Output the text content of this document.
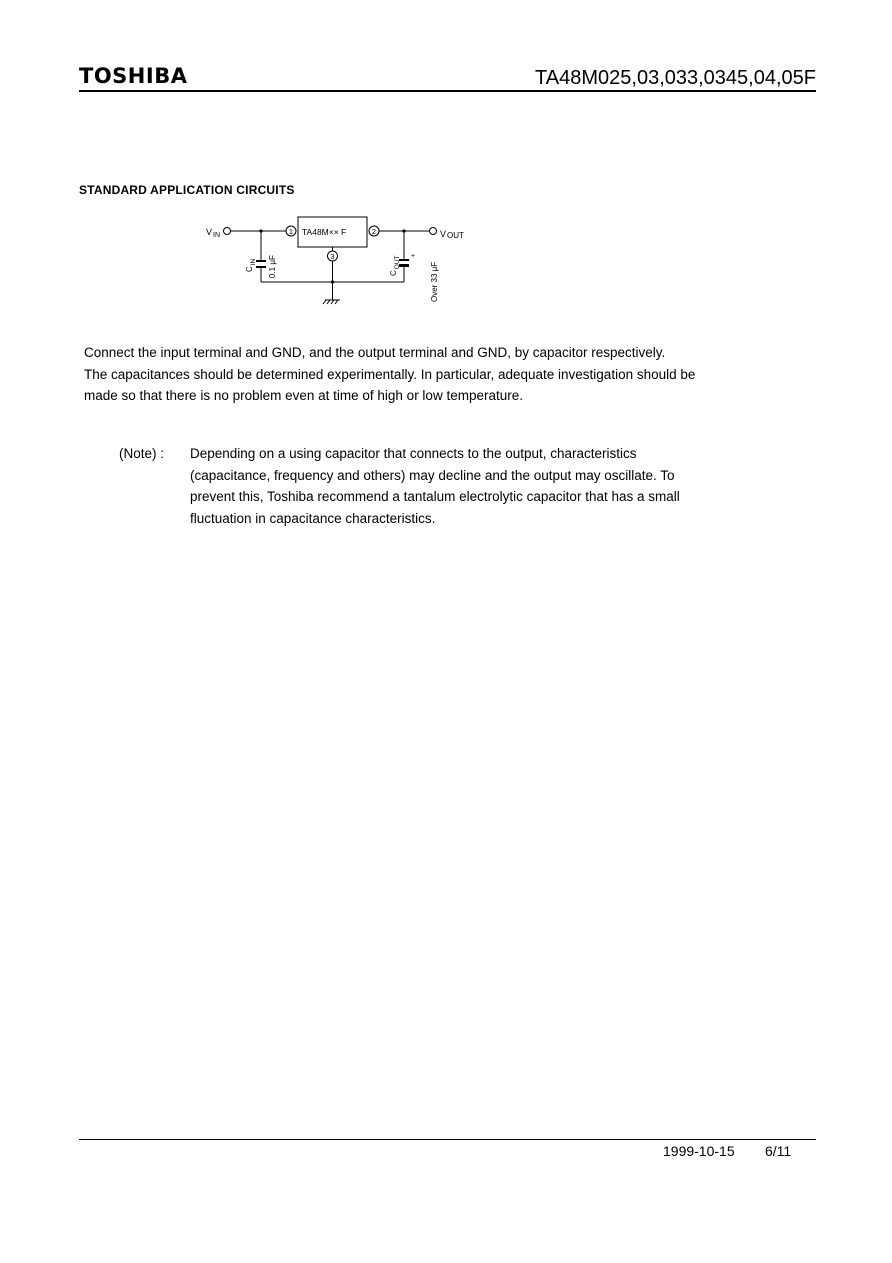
TOSHIBA	TA48M025,03,033,0345,04,05F
STANDARD APPLICATION CIRCUITS
$V_{IN}$	VOUT
TA48M×× F
1	2
3
$C_{IN}$ 0.1 μF	$C_{OUT}$ +
Over 33 μF

Connect the input terminal and GND, and the output terminal and GND, by capacitor respectively.

The capacitances should be determined experimentally. In particular, adequate investigation should be

made so that there is no problem even at time of high or low temperature.

(Note) : Depending on a using capacitor that connects to the output, characteristics

(capacitance, frequency and others) may decline and the output may oscillate. To

prevent this, Toshiba recommend a tantalum electrolytic capacitor that has a small

fluctuation in capacitance characteristics.

1999-10-15 6/11
